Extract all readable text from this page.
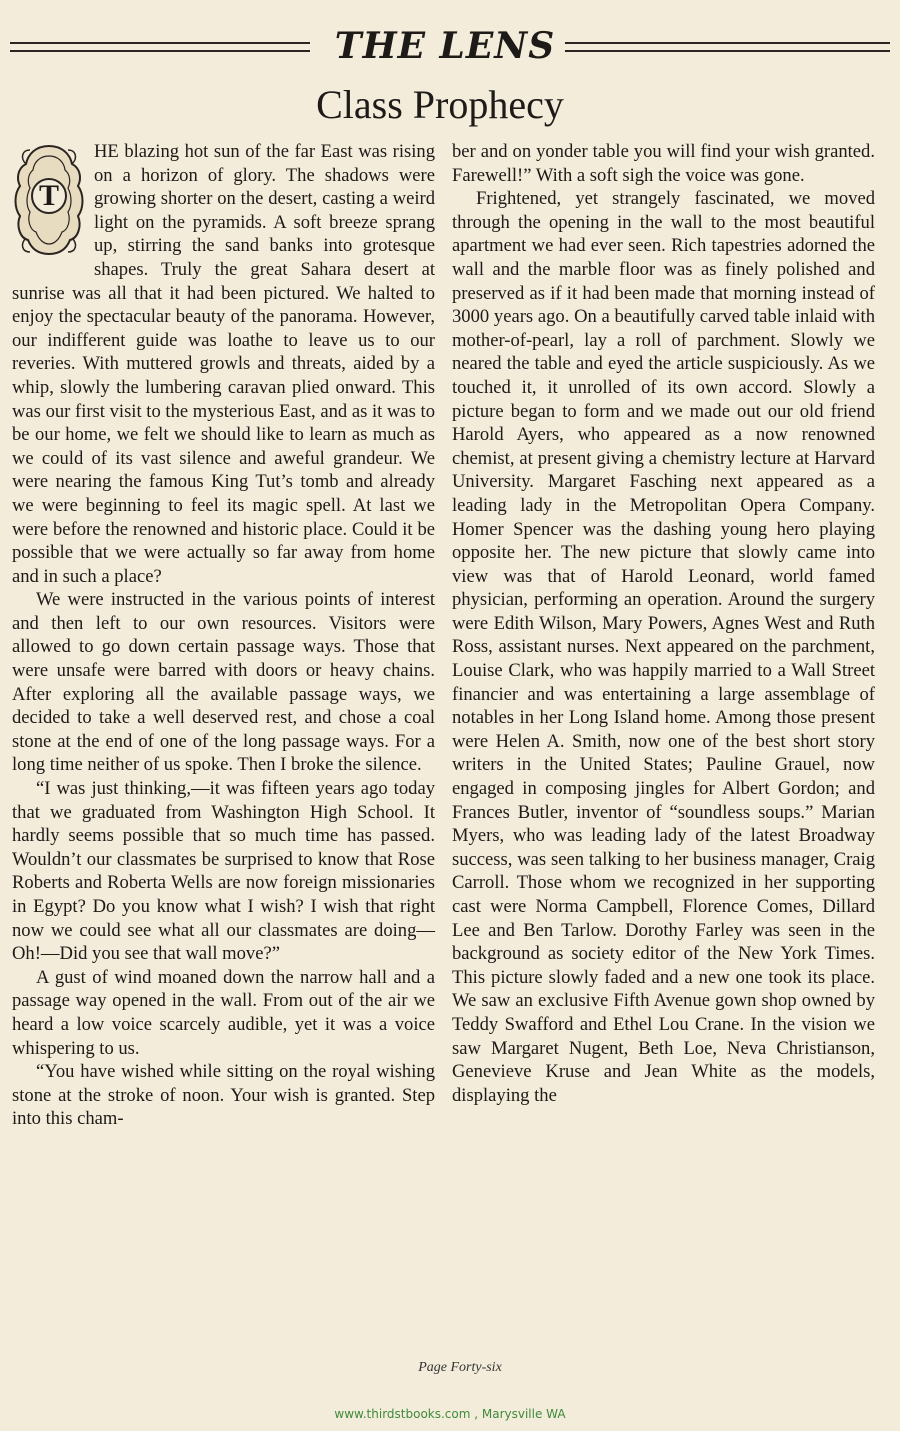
THE LENS
Class Prophecy
T

HE blazing hot sun of the far East was rising on a horizon of glory. The shadows were growing shorter on the desert, casting a weird light on the pyramids. A soft breeze sprang up, stirring the sand banks into grotesque shapes. Truly the great Sahara desert at sunrise was all that it had been pictured. We halted to enjoy the spectacular beauty of the panorama. However, our indifferent guide was loathe to leave us to our reveries. With muttered growls and threats, aided by a whip, slowly the lumbering caravan plied onward. This was our first visit to the mysterious East, and as it was to be our home, we felt we should like to learn as much as we could of its vast silence and aweful grandeur. We were nearing the famous King Tut’s tomb and already we were beginning to feel its magic spell. At last we were before the renowned and historic place. Could it be possible that we were actually so far away from home and in such a place?

We were instructed in the various points of interest and then left to our own resources. Visitors were allowed to go down certain passage ways. Those that were unsafe were barred with doors or heavy chains. After exploring all the available passage ways, we decided to take a well deserved rest, and chose a coal stone at the end of one of the long passage ways. For a long time neither of us spoke. Then I broke the silence.

“I was just thinking,—it was fifteen years ago today that we graduated from Washington High School. It hardly seems possible that so much time has passed. Wouldn’t our classmates be surprised to know that Rose Roberts and Roberta Wells are now foreign missionaries in Egypt? Do you know what I wish? I wish that right now we could see what all our classmates are doing—Oh!—Did you see that wall move?”

A gust of wind moaned down the narrow hall and a passage way opened in the wall. From out of the air we heard a low voice scarcely audible, yet it was a voice whispering to us.

“You have wished while sitting on the royal wishing stone at the stroke of noon. Your wish is granted. Step into this cham-

ber and on yonder table you will find your wish granted. Farewell!” With a soft sigh the voice was gone.

Frightened, yet strangely fascinated, we moved through the opening in the wall to the most beautiful apartment we had ever seen. Rich tapestries adorned the wall and the marble floor was as finely polished and preserved as if it had been made that morning instead of 3000 years ago. On a beautifully carved table inlaid with mother-of-pearl, lay a roll of parchment. Slowly we neared the table and eyed the article suspiciously. As we touched it, it unrolled of its own accord. Slowly a picture began to form and we made out our old friend Harold Ayers, who appeared as a now renowned chemist, at present giving a chemistry lecture at Harvard University. Margaret Fasching next appeared as a leading lady in the Metropolitan Opera Company. Homer Spencer was the dashing young hero playing opposite her. The new picture that slowly came into view was that of Harold Leonard, world famed physician, performing an operation. Around the surgery were Edith Wilson, Mary Powers, Agnes West and Ruth Ross, assistant nurses. Next appeared on the parchment, Louise Clark, who was happily married to a Wall Street financier and was entertaining a large assemblage of notables in her Long Island home. Among those present were Helen A. Smith, now one of the best short story writers in the United States; Pauline Grauel, now engaged in composing jingles for Albert Gordon; and Frances Butler, inventor of “soundless soups.” Marian Myers, who was leading lady of the latest Broadway success, was seen talking to her business manager, Craig Carroll. Those whom we recognized in her supporting cast were Norma Campbell, Florence Comes, Dillard Lee and Ben Tarlow. Dorothy Farley was seen in the background as society editor of the New York Times. This picture slowly faded and a new one took its place. We saw an exclusive Fifth Avenue gown shop owned by Teddy Swafford and Ethel Lou Crane. In the vision we saw Margaret Nugent, Beth Loe, Neva Christianson, Genevieve Kruse and Jean White as the models, displaying the

Page Forty-six
www.thirdstbooks.com , Marysville WA
